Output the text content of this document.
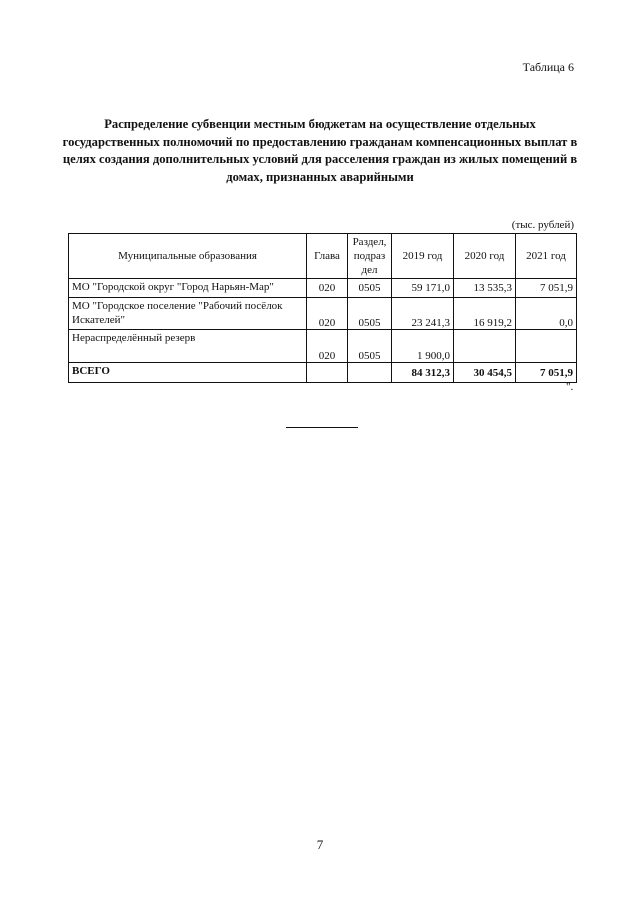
Таблица 6
Распределение субвенции местным бюджетам на осуществление отдельных государственных полномочий по предоставлению гражданам компенсационных выплат в целях создания дополнительных условий для расселения граждан из жилых помещений в домах, признанных аварийными
(тыс. рублей)
Муниципальные образования	Глава	Раздел, подраз дел	2019 год	2020 год	2021 год
МО "Городской округ "Город Нарьян-Мар"	020	0505	59 171,0	13 535,3	7 051,9
МО "Городское поселение "Рабочий посёлок Искателей"	020	0505	23 241,3	16 919,2	0,0
Нераспределённый резерв	020	0505	1 900,0		
ВСЕГО			84 312,3	30 454,5	7 051,9
".
7
